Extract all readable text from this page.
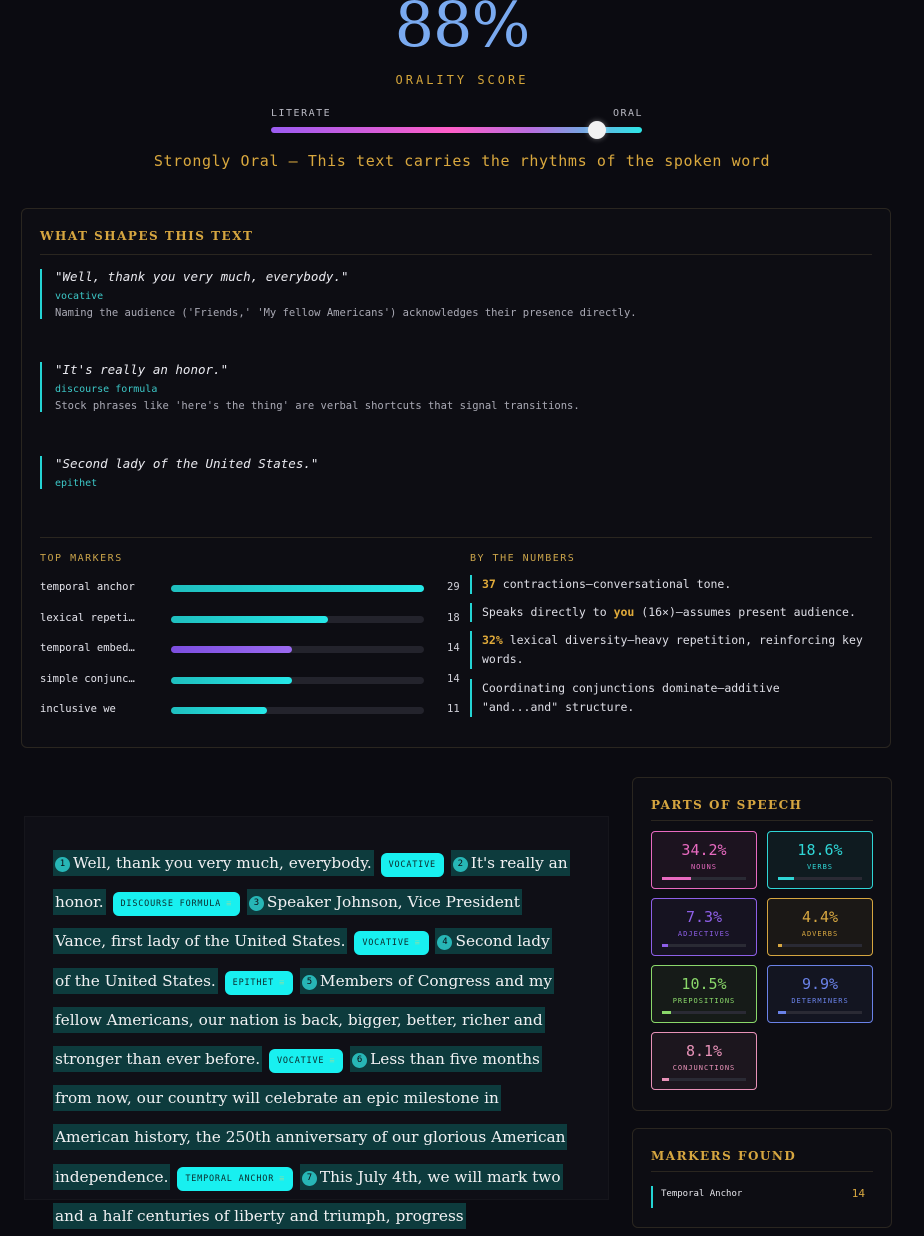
88%
ORALITY SCORE
LITERATE	ORAL
Strongly Oral — This text carries the rhythms of the spoken word
WHAT SHAPES THIS TEXT
"Well, thank you very much, everybody."
vocative
Naming the audience ('Friends,' 'My fellow Americans') acknowledges their presence directly.
"It's really an honor."
discourse formula
Stock phrases like 'here's the thing' are verbal shortcuts that signal transitions.
"Second lady of the United States."
epithet
TOP MARKERS
temporal anchor	29
lexical repeti…	18
temporal embed…	14
simple conjunc…	14
inclusive we	11
BY THE NUMBERS
37 contractions—conversational tone.
Speaks directly to you (16×)—assumes present audience.
32% lexical diversity—heavy repetition, reinforcing key words.
Coordinating conjunctions dominate—additive "and...and" structure.
1 Well, thank you very much, everybody. VOCATIVE 2 It's really an honor. DISCOURSE FORMULA ≡ 3 Speaker Johnson, Vice President Vance, first lady of the United States. VOCATIVE ≡ 4 Second lady of the United States. EPITHET ≡ 5 Members of Congress and my fellow Americans, our nation is back, bigger, better, richer and stronger than ever before. VOCATIVE ≡ 6 Less than five months from now, our country will celebrate an epic milestone in American history, the 250th anniversary of our glorious American independence. TEMPORAL ANCHOR ≡ 7 This July 4th, we will mark two and a half centuries of liberty and triumph, progress
PARTS OF SPEECH
34.2%
NOUNS
18.6%
VERBS
7.3%
ADJECTIVES
4.4%
ADVERBS
10.5%
PREPOSITIONS
9.9%
DETERMINERS
8.1%
CONJUNCTIONS
MARKERS FOUND
Temporal Anchor	14
